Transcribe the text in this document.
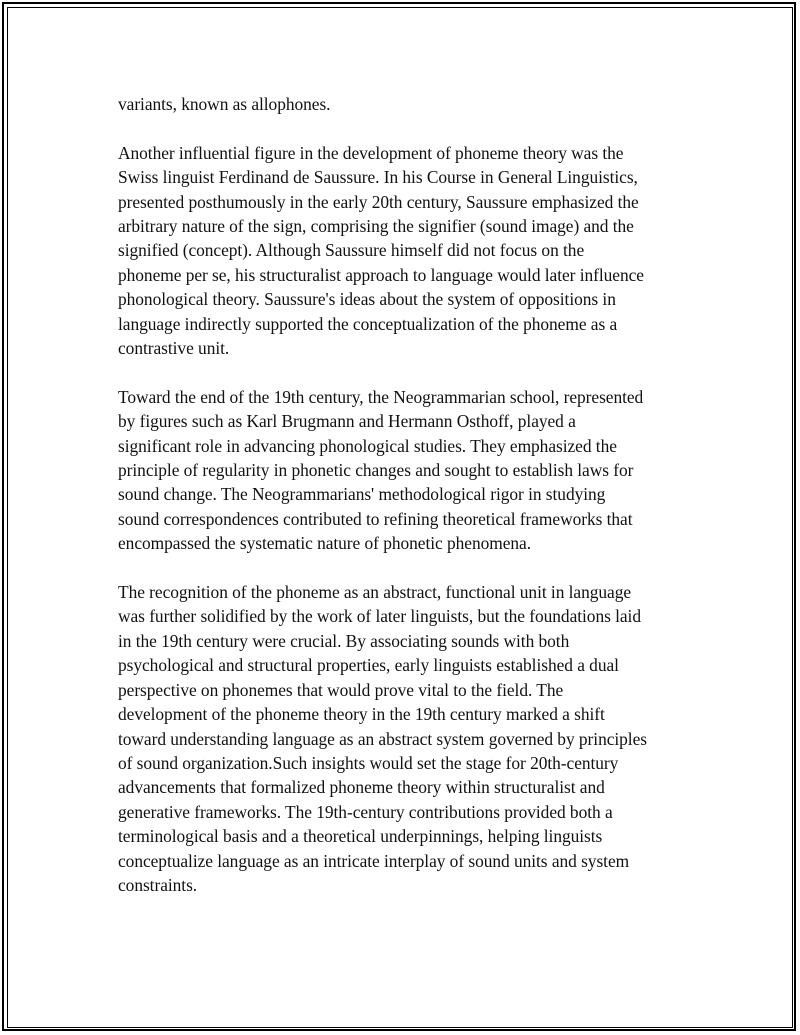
variants, known as allophones.

Another influential figure in the development of phoneme theory was the
Swiss linguist Ferdinand de Saussure. In his Course in General Linguistics,
presented posthumously in the early 20th century, Saussure emphasized the
arbitrary nature of the sign, comprising the signifier (sound image) and the
signified (concept). Although Saussure himself did not focus on the
phoneme per se, his structuralist approach to language would later influence
phonological theory. Saussure's ideas about the system of oppositions in
language indirectly supported the conceptualization of the phoneme as a
contrastive unit.

Toward the end of the 19th century, the Neogrammarian school, represented
by figures such as Karl Brugmann and Hermann Osthoff, played a
significant role in advancing phonological studies. They emphasized the
principle of regularity in phonetic changes and sought to establish laws for
sound change. The Neogrammarians' methodological rigor in studying
sound correspondences contributed to refining theoretical frameworks that
encompassed the systematic nature of phonetic phenomena.

The recognition of the phoneme as an abstract, functional unit in language
was further solidified by the work of later linguists, but the foundations laid
in the 19th century were crucial. By associating sounds with both
psychological and structural properties, early linguists established a dual
perspective on phonemes that would prove vital to the field. The
development of the phoneme theory in the 19th century marked a shift
toward understanding language as an abstract system governed by principles
of sound organization.Such insights would set the stage for 20th-century
advancements that formalized phoneme theory within structuralist and
generative frameworks. The 19th-century contributions provided both a
terminological basis and a theoretical underpinnings, helping linguists
conceptualize language as an intricate interplay of sound units and system
constraints.
